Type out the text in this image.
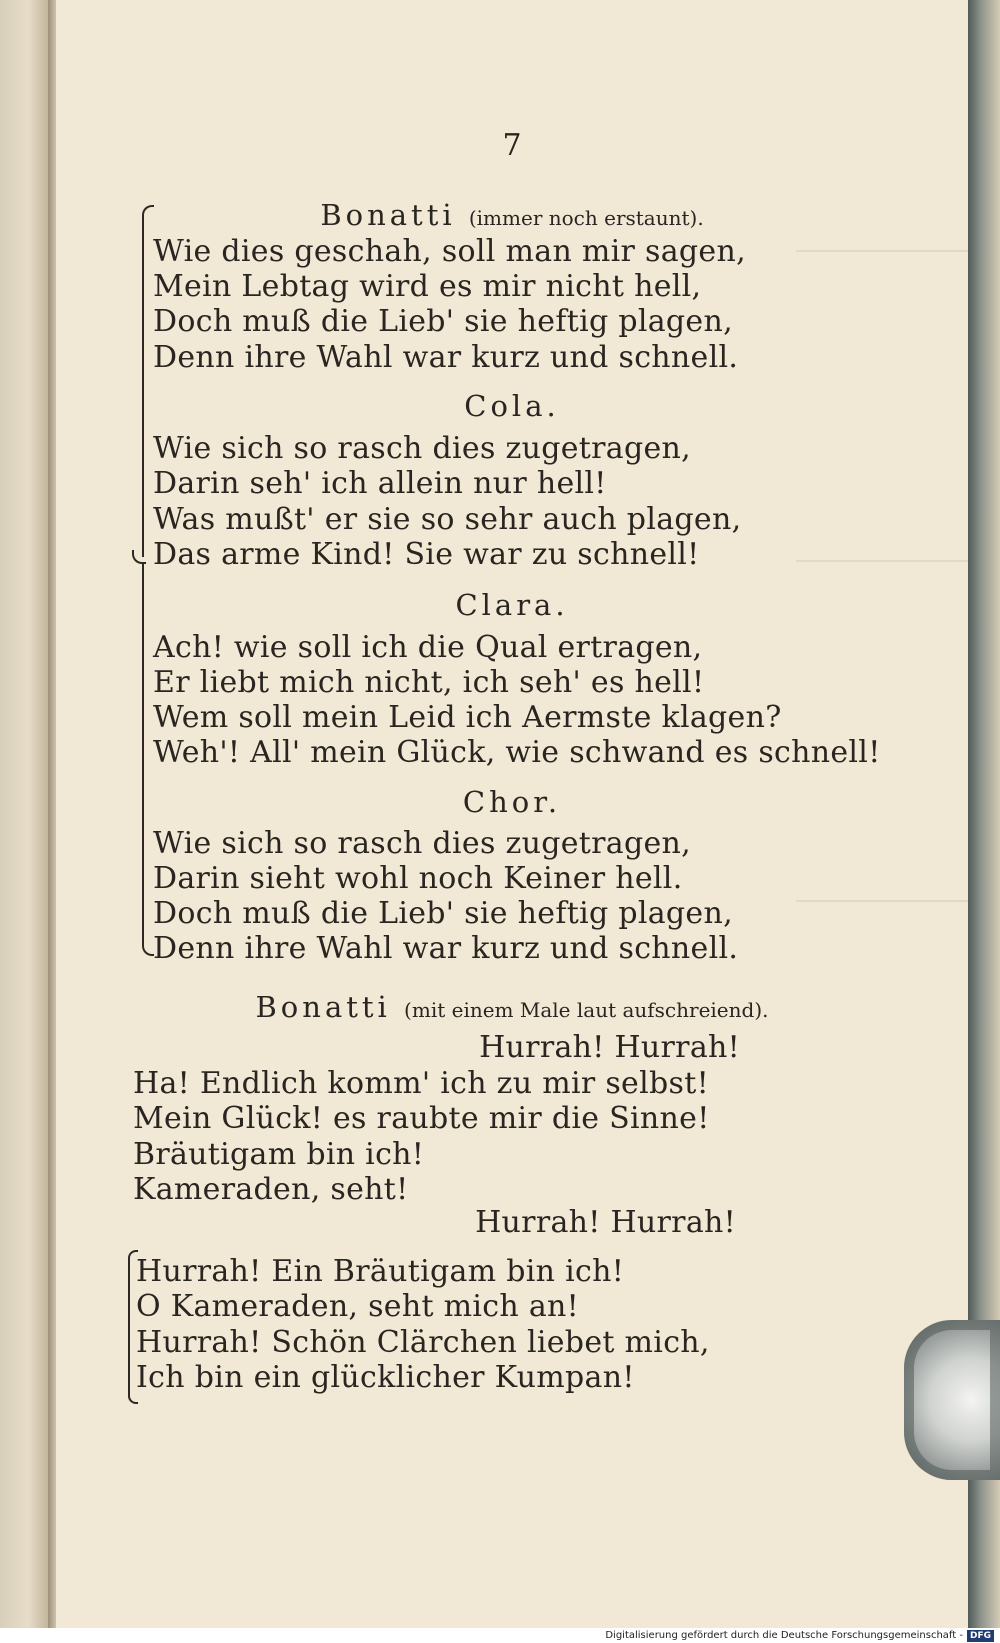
7
Bonatti (immer noch erstaunt).
Wie dies geschah, soll man mir sagen,
Mein Lebtag wird es mir nicht hell,
Doch muß die Lieb' sie heftig plagen,
Denn ihre Wahl war kurz und schnell.
Cola.
Wie sich so rasch dies zugetragen,
Darin seh' ich allein nur hell!
Was mußt' er sie so sehr auch plagen,
Das arme Kind! Sie war zu schnell!
Clara.
Ach! wie soll ich die Qual ertragen,
Er liebt mich nicht, ich seh' es hell!
Wem soll mein Leid ich Aermste klagen?
Weh'! All' mein Glück, wie schwand es schnell!
Chor.
Wie sich so rasch dies zugetragen,
Darin sieht wohl noch Keiner hell.
Doch muß die Lieb' sie heftig plagen,
Denn ihre Wahl war kurz und schnell.
Bonatti (mit einem Male laut aufschreiend).
Hurrah! Hurrah!
Ha! Endlich komm' ich zu mir selbst!
Mein Glück! es raubte mir die Sinne!
Bräutigam bin ich!
Kameraden, seht!
Hurrah! Hurrah!
Hurrah! Ein Bräutigam bin ich!
O Kameraden, seht mich an!
Hurrah! Schön Clärchen liebet mich,
Ich bin ein glücklicher Kumpan!
Digitalisierung gefördert durch die Deutsche Forschungsgemeinschaft - DFG
